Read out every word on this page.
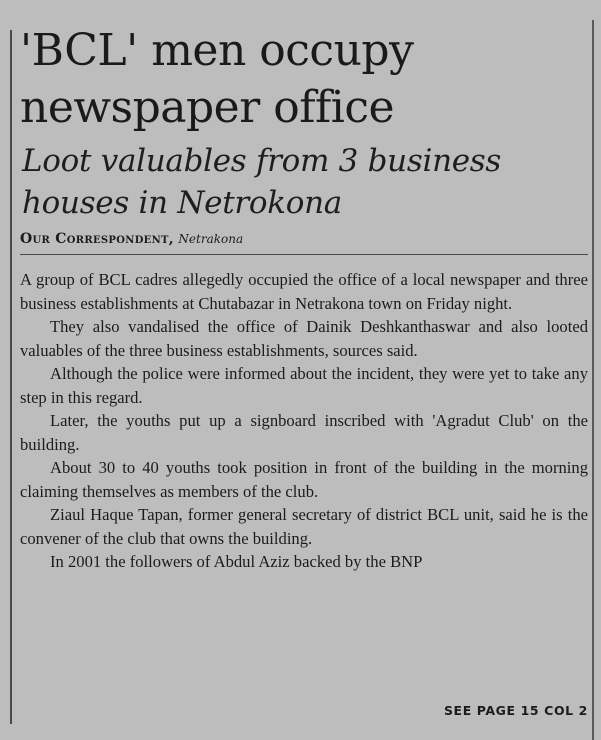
'BCL' men occupy newspaper office
Loot valuables from 3 business houses in Netrokona
Our Correspondent, Netrakona

A group of BCL cadres allegedly occupied the office of a local newspaper and three business establishments at Chutabazar in Netrakona town on Friday night.

They also vandalised the office of Dainik Deshkanthaswar and also looted valuables of the three business establishments, sources said.

Although the police were informed about the incident, they were yet to take any step in this regard.

Later, the youths put up a signboard inscribed with 'Agradut Club' on the building.

About 30 to 40 youths took position in front of the building in the morning claiming themselves as members of the club.

Ziaul Haque Tapan, former general secretary of district BCL unit, said he is the convener of the club that owns the building.

In 2001 the followers of Abdul Aziz backed by the BNP

SEE PAGE 15 COL 2
